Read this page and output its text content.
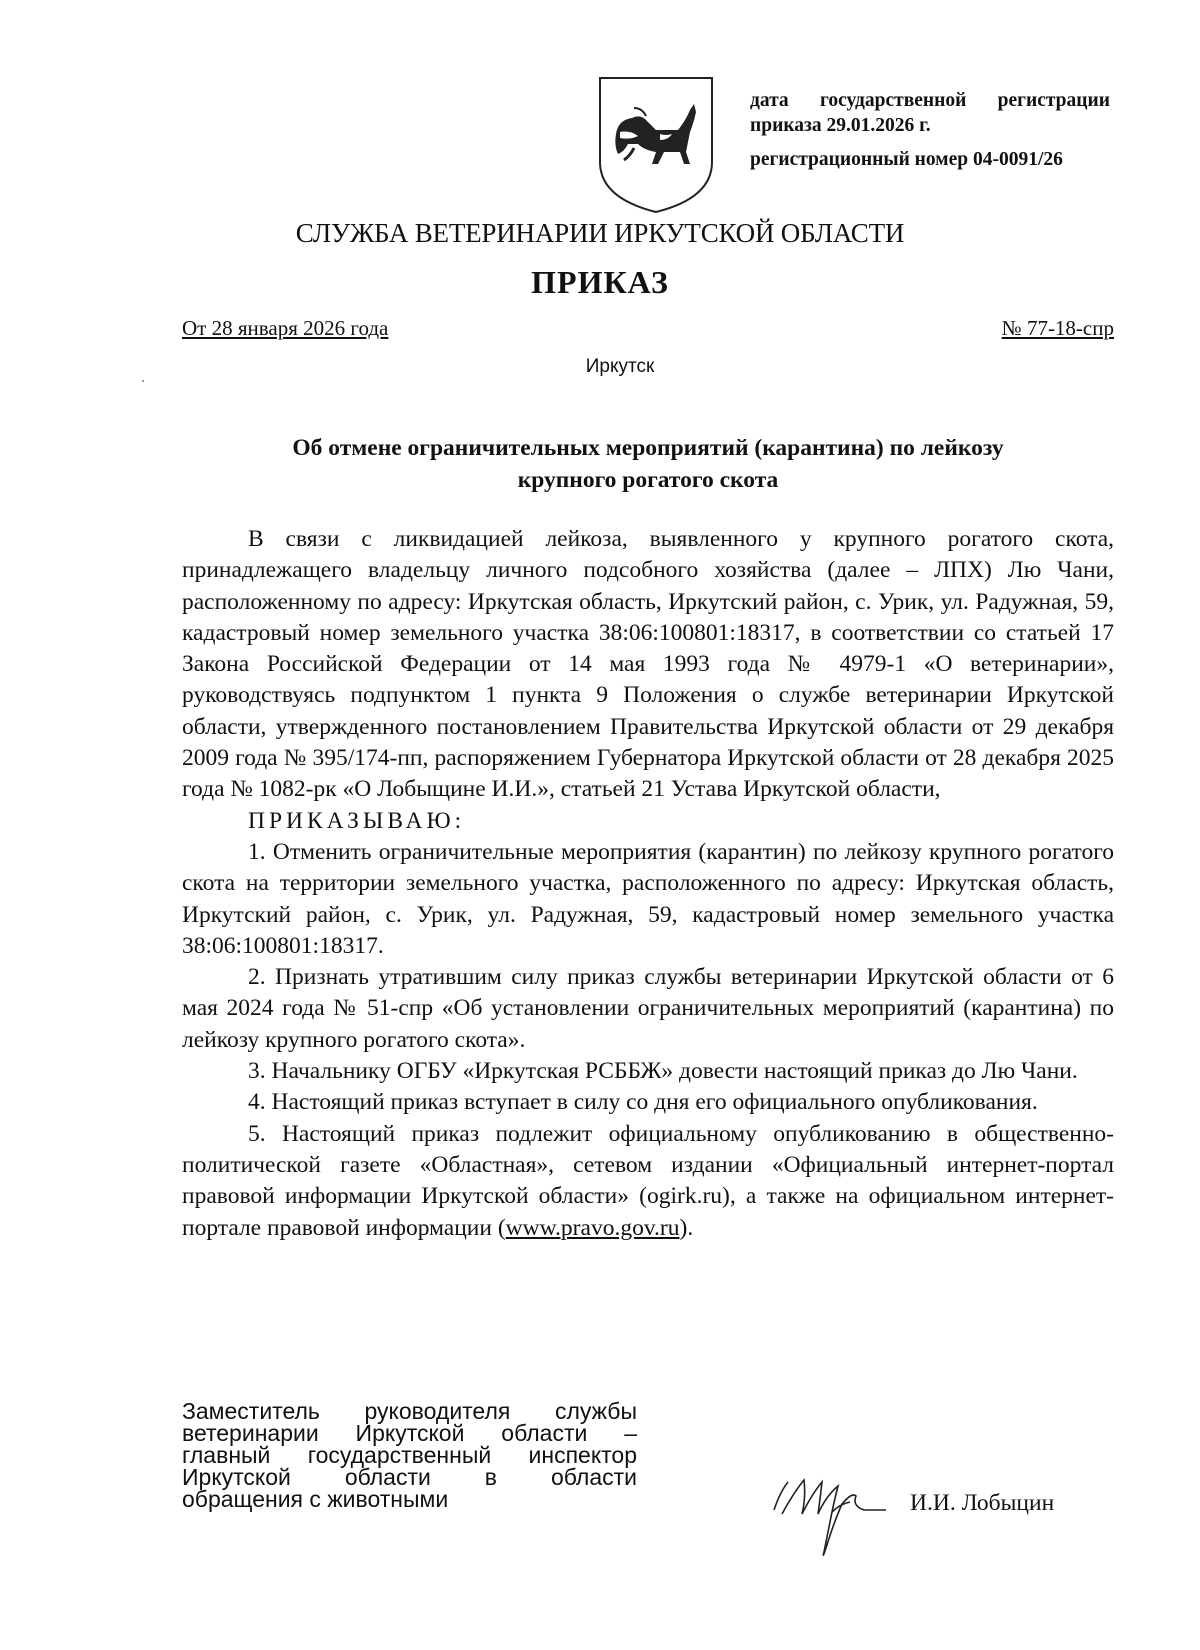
дата государственной регистрации
приказа 29.01.2026 г.
регистрационный номер 04-0091/26
СЛУЖБА ВЕТЕРИНАРИИ ИРКУТСКОЙ ОБЛАСТИ
ПРИКАЗ
От 28 января 2026 года	№ 77-18-спр
Иркутск
Об отмене ограничительных мероприятий (карантина) по лейкозу
крупного рогатого скота

В связи с ликвидацией лейкоза, выявленного у крупного рогатого скота, принадлежащего владельцу личного подсобного хозяйства (далее – ЛПХ) Лю Чани, расположенному по адресу: Иркутская область, Иркутский район, с. Урик, ул. Радужная, 59, кадастровый номер земельного участка 38:06:100801:18317, в соответствии со статьей 17 Закона Российской Федерации от 14 мая 1993 года № 4979-1 «О ветеринарии», руководствуясь подпунктом 1 пункта 9 Положения о службе ветеринарии Иркутской области, утвержденного постановлением Правительства Иркутской области от 29 декабря 2009 года № 395/174-пп, распоряжением Губернатора Иркутской области от 28 декабря 2025 года № 1082-рк «О Лобыщине И.И.», статьей 21 Устава Иркутской области,

ПРИКАЗЫВАЮ:

1. Отменить ограничительные мероприятия (карантин) по лейкозу крупного рогатого скота на территории земельного участка, расположенного по адресу: Иркутская область, Иркутский район, с. Урик, ул. Радужная, 59, кадастровый номер земельного участка 38:06:100801:18317.

2. Признать утратившим силу приказ службы ветеринарии Иркутской области от 6 мая 2024 года № 51-спр «Об установлении ограничительных мероприятий (карантина) по лейкозу крупного рогатого скота».

3. Начальнику ОГБУ «Иркутская РСББЖ» довести настоящий приказ до Лю Чани.

4. Настоящий приказ вступает в силу со дня его официального опубликования.

5. Настоящий приказ подлежит официальному опубликованию в общественно-политической газете «Областная», сетевом издании «Официальный интернет-портал правовой информации Иркутской области» (ogirk.ru), а также на официальном интернет-портале правовой информации (www.pravo.gov.ru).

Заместитель руководителя службы
ветеринарии Иркутской области –
главный государственный инспектор
Иркутской области в области
обращения с животными	И.И. Лобыцин
